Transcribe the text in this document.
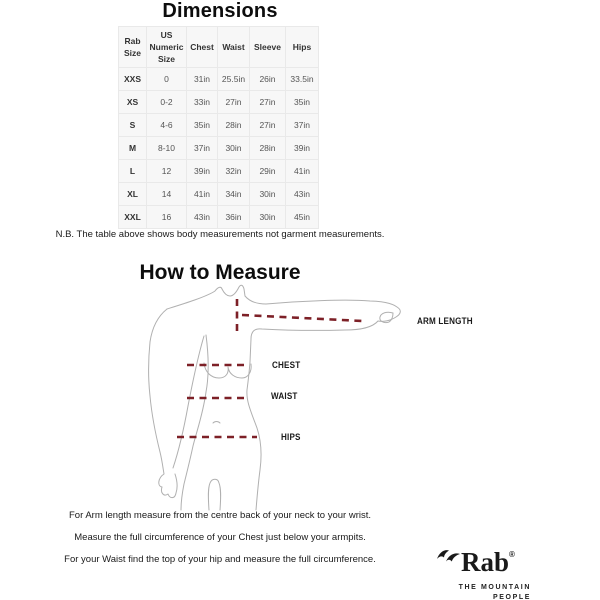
Dimensions
Rab Size	US Numeric Size	Chest	Waist	Sleeve	Hips
XXS	0	31in	25.5in	26in	33.5in
XS	0-2	33in	27in	27in	35in
S	4-6	35in	28in	27in	37in
M	8-10	37in	30in	28in	39in
L	12	39in	32in	29in	41in
XL	14	41in	34in	30in	43in
XXL	16	43in	36in	30in	45in
N.B. The table above shows body measurements not garment measurements.
How to Measure
ARM LENGTH
CHEST
WAIST
HIPS

For Arm length measure from the centre back of your neck to your wrist.

Measure the full circumference of your Chest just below your armpits.

For your Waist find the top of your hip and measure the full circumference.	Rab®
THE MOUNTAIN
PEOPLE
